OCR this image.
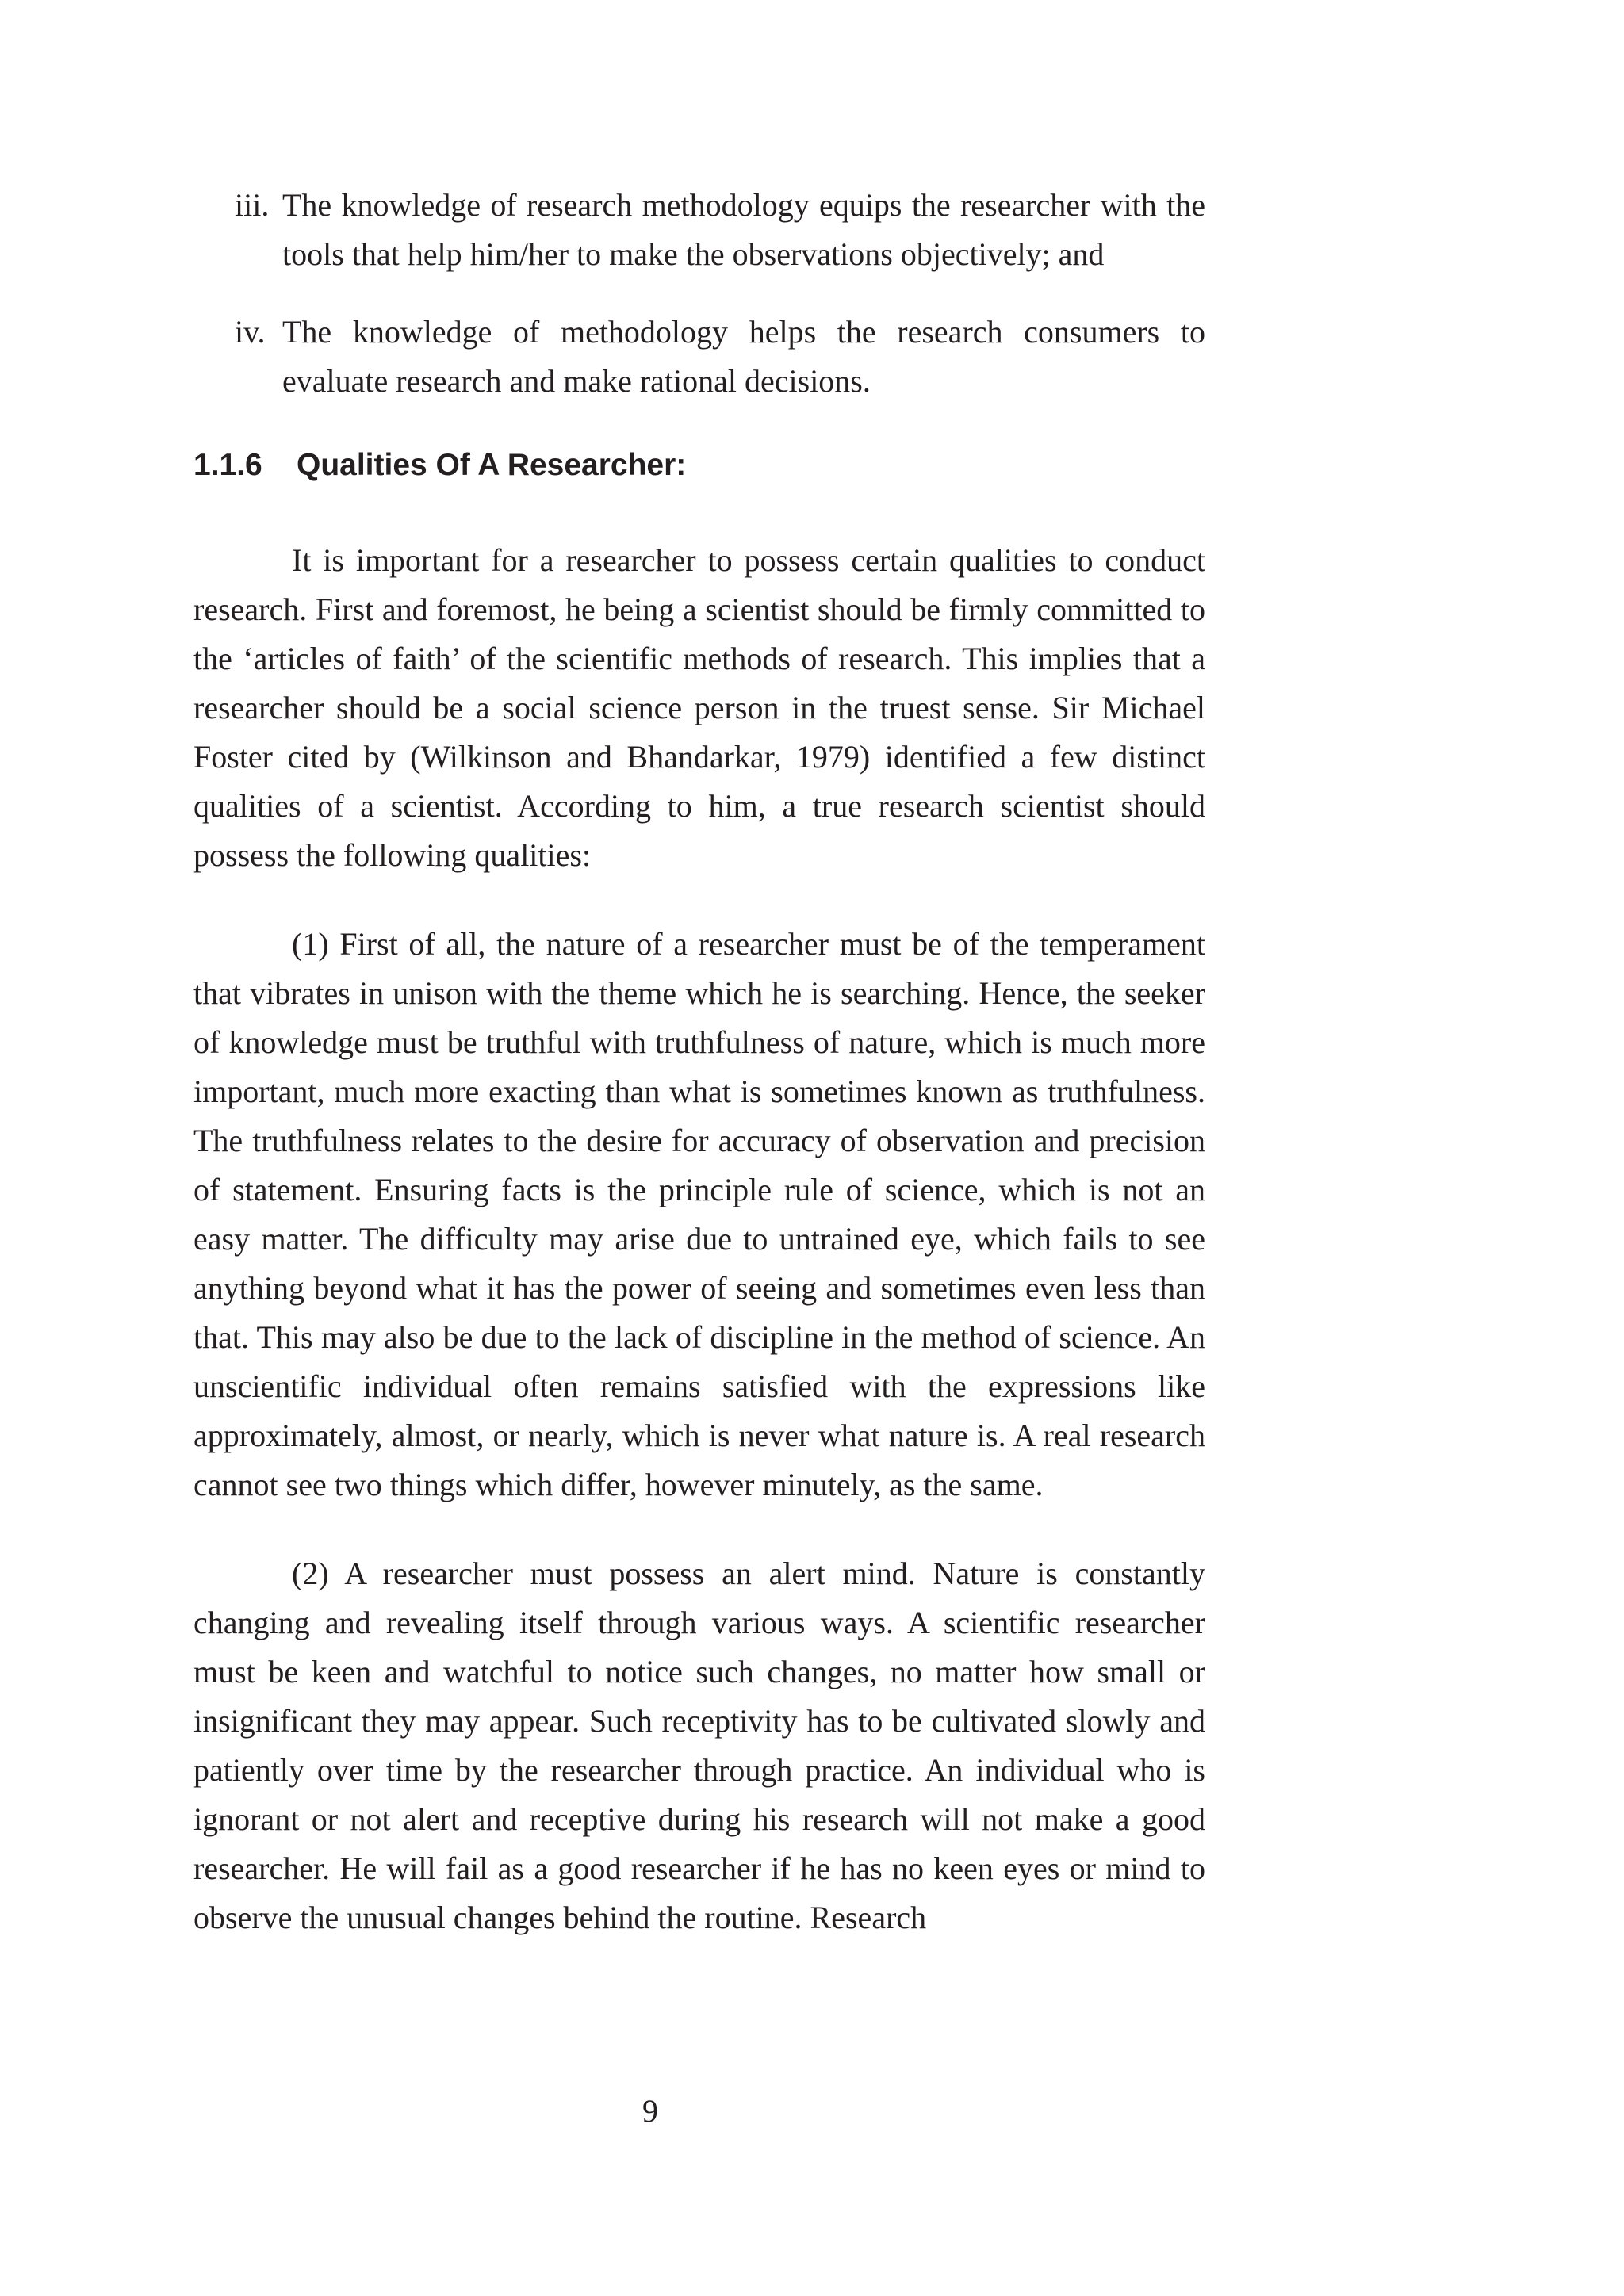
iii. The knowledge of research methodology equips the researcher with the tools that help him/her to make the observations objectively; and
iv. The knowledge of methodology helps the research consumers to evaluate research and make rational decisions.
1.1.6 Qualities Of A Researcher:

It is important for a researcher to possess certain qualities to conduct research. First and foremost, he being a scientist should be firmly committed to the ‘articles of faith’ of the scientific methods of research. This implies that a researcher should be a social science person in the truest sense. Sir Michael Foster cited by (Wilkinson and Bhandarkar, 1979) identified a few distinct qualities of a scientist. According to him, a true research scientist should possess the following qualities:

(1) First of all, the nature of a researcher must be of the temperament that vibrates in unison with the theme which he is searching. Hence, the seeker of knowledge must be truthful with truthfulness of nature, which is much more important, much more exacting than what is sometimes known as truthfulness. The truthfulness relates to the desire for accuracy of observation and precision of statement. Ensuring facts is the principle rule of science, which is not an easy matter. The difficulty may arise due to untrained eye, which fails to see anything beyond what it has the power of seeing and sometimes even less than that. This may also be due to the lack of discipline in the method of science. An unscientific individual often remains satisfied with the expressions like approximately, almost, or nearly, which is never what nature is. A real research cannot see two things which differ, however minutely, as the same.

(2) A researcher must possess an alert mind. Nature is constantly changing and revealing itself through various ways. A scientific researcher must be keen and watchful to notice such changes, no matter how small or insignificant they may appear. Such receptivity has to be cultivated slowly and patiently over time by the researcher through practice. An individual who is ignorant or not alert and receptive during his research will not make a good researcher. He will fail as a good researcher if he has no keen eyes or mind to observe the unusual changes behind the routine. Research

9
